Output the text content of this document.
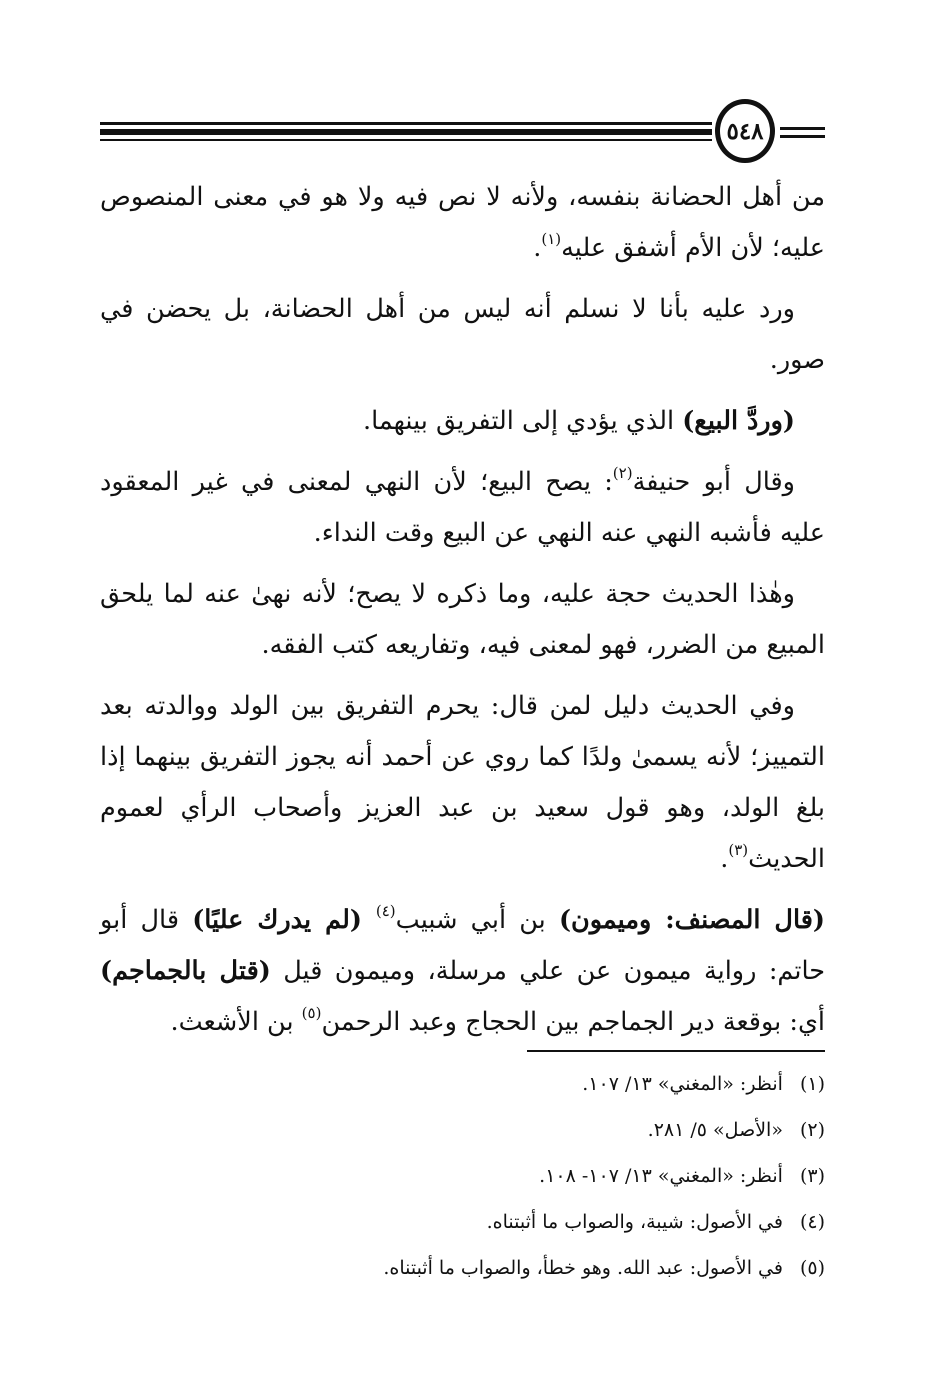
٥٤٨

من أهل الحضانة بنفسه، ولأنه لا نص فيه ولا هو في معنى المنصوص عليه؛ لأن الأم أشفق عليه$^{(١)}$.

ورد عليه بأنا لا نسلم أنه ليس من أهل الحضانة، بل يحضن في صور.

(وردَّ البيع) الذي يؤدي إلى التفريق بينهما.

وقال أبو حنيفة$^{(٢)}$: يصح البيع؛ لأن النهي لمعنى في غير المعقود عليه فأشبه النهي عنه النهي عن البيع وقت النداء.

وهٰذا الحديث حجة عليه، وما ذكره لا يصح؛ لأنه نهىٰ عنه لما يلحق المبيع من الضرر، فهو لمعنى فيه، وتفاريعه كتب الفقه.

وفي الحديث دليل لمن قال: يحرم التفريق بين الولد ووالدته بعد التمييز؛ لأنه يسمىٰ ولدًا كما روي عن أحمد أنه يجوز التفريق بينهما إذا بلغ الولد، وهو قول سعيد بن عبد العزيز وأصحاب الرأي لعموم الحديث$^{(٣)}$.

(قال المصنف: وميمون) بن أبي شبيب$^{(٤)}$ (لم يدرك عليًا) قال أبو حاتم: رواية ميمون عن علي مرسلة، وميمون قيل (قتل بالجماجم) أي: بوقعة دير الجماجم بين الحجاج وعبد الرحمن$^{(٥)}$ بن الأشعث.

(١) أنظر: «المغني» ١٣/ ١٠٧.
(٢) «الأصل» ٥/ ٢٨١.
(٣) أنظر: «المغني» ١٣/ ١٠٧- ١٠٨.
(٤) في الأصول: شيبة، والصواب ما أثبتناه.
(٥) في الأصول: عبد الله. وهو خطأ، والصواب ما أثبتناه.
